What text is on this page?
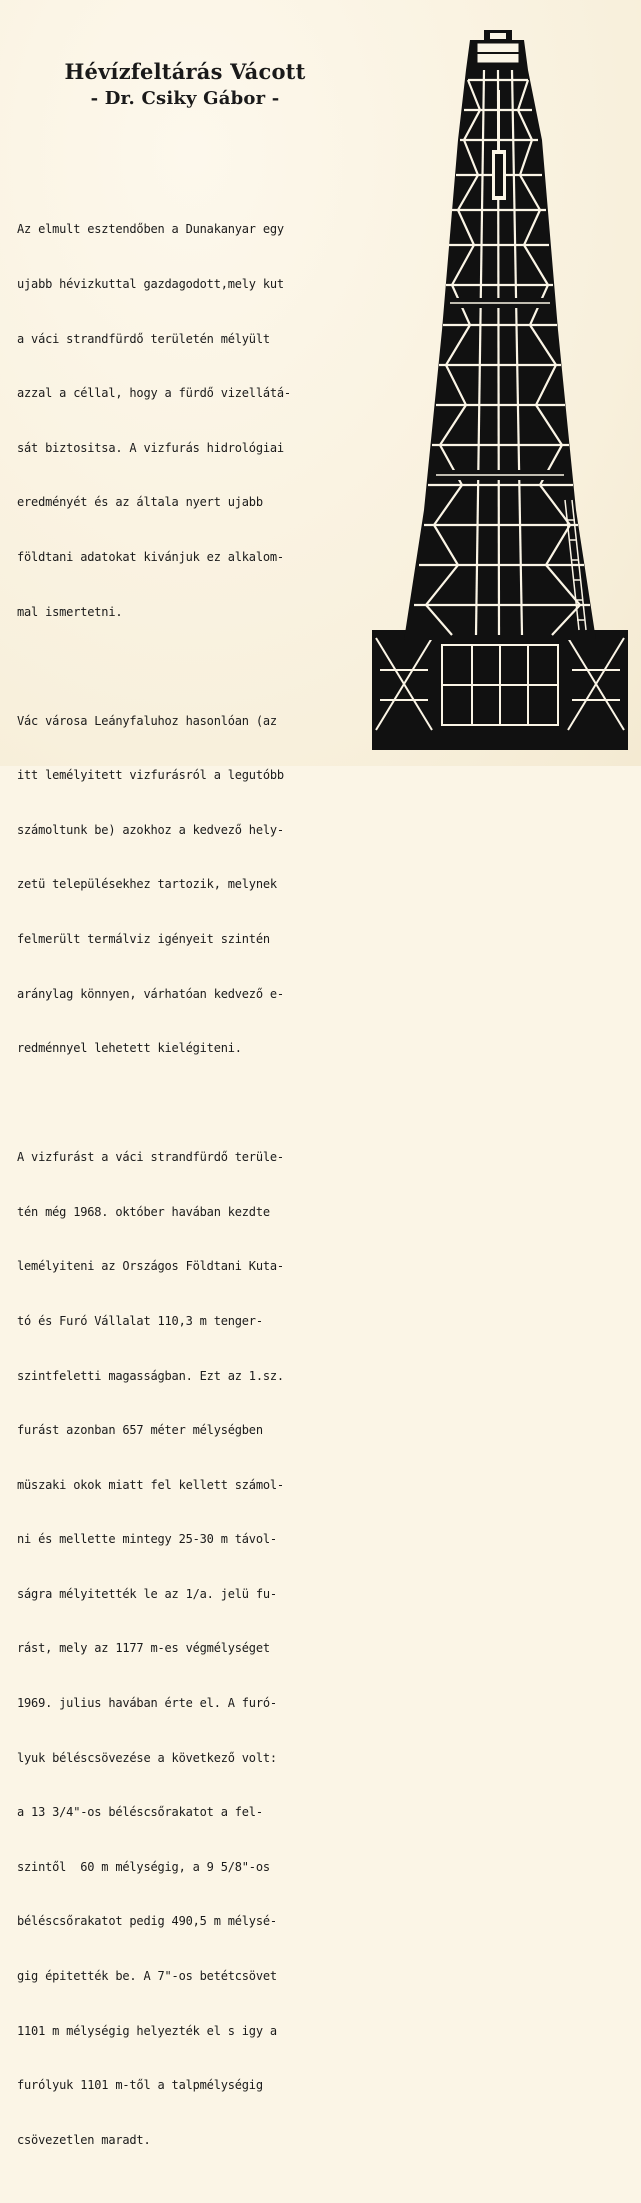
Hévízfeltárás Vácott
- Dr. Csiky Gábor -

Az elmult esztendőben a Dunakanyar egy

ujabb hévizkuttal gazdagodott,mely kut

a váci strandfürdő területén mélyült

azzal a céllal, hogy a fürdő vizellátá-

sát biztositsa. A vizfurás hidrológiai

eredményét és az általa nyert ujabb

földtani adatokat kivánjuk ez alkalom-

mal ismertetni.

Vác városa Leányfaluhoz hasonlóan (az

itt lemélyitett vizfurásról a legutóbb

számoltunk be) azokhoz a kedvező hely-

zetü településekhez tartozik, melynek

felmerült termálviz igényeit szintén

aránylag könnyen, várhatóan kedvező e-

redménnyel lehetett kielégiteni.

A vizfurást a váci strandfürdő terüle-

tén még 1968. október havában kezdte

lemélyiteni az Országos Földtani Kuta-

tó és Furó Vállalat 110,3 m tenger-

szintfeletti magasságban. Ezt az 1.sz.

furást azonban 657 méter mélységben

müszaki okok miatt fel kellett számol-

ni és mellette mintegy 25-30 m távol-

ságra mélyitették le az 1/a. jelü fu-

rást, mely az 1177 m-es végmélységet

1969. julius havában érte el. A furó-

lyuk béléscsövezése a következő volt:

a 13 3/4"-os béléscsőrakatot a fel-

szintől  60 m mélységig, a 9 5/8"-os

béléscsőrakatot pedig 490,5 m mélysé-

gig épitették be. A 7"-os betétcsövet

1101 m mélységig helyezték el s igy a

furólyuk 1101 m-től a talpmélységig

csövezetlen maradt.
